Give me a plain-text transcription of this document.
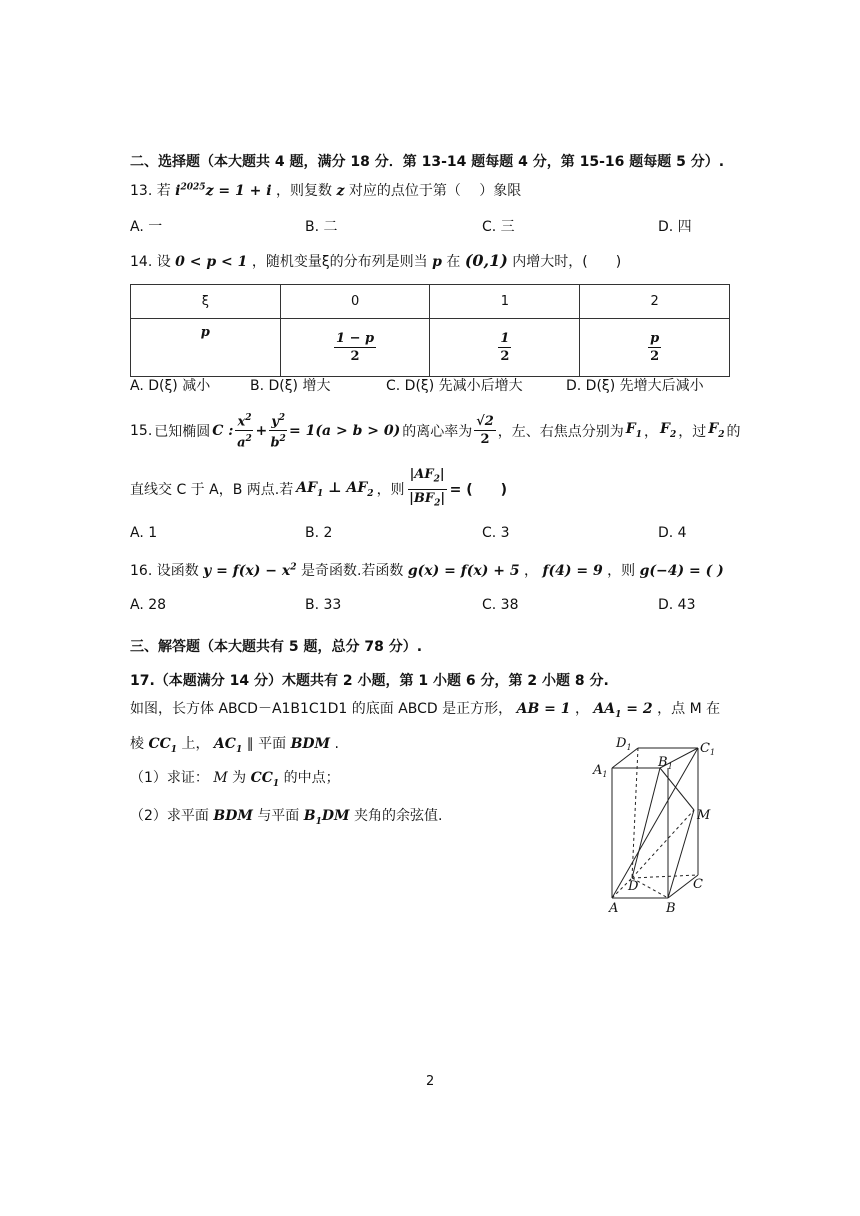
二、选择题（本大题共 4 题，满分 18 分．第 13-14 题每题 4 分，第 15-16 题每题 5 分）.
13. 若 $i^{2025}z = 1 + i$ ，则复数 z 对应的点位于第（　 ）象限
A. 一	B. 二	C. 三	D. 四
14. 设 0 < p < 1 ，随机变量ξ的分布列是则当 p 在 (0,1) 内增大时，(　　)
ξ	0	1	2
p	$\frac{1 - p}{2}$	$\frac{1}{2}$	$\frac{p}{2}$
A. D(ξ) 减小	B. D(ξ) 增大	C. D(ξ) 先减小后增大	D. D(ξ) 先增大后减小
15. 已知椭圆 C : $\frac{x^2}{a^2} + \frac{y^2}{b^2} = 1(a > b > 0)$ 的离心率为 $\frac{√2}{2}$ ，左、右焦点分别为 $F_1$ ， $F_2$ ，过 $F_2$ 的
直线交 C 于 A，B 两点.若 $AF_1$ ⊥ $AF_2$ ，则 $\frac{|AF_2|}{|BF_2|}$ = (　　)
A. 1	B. 2	C. 3	D. 4
16. 设函数 $y = f(x) - x^2$ 是奇函数.若函数 g(x) = f(x) + 5 ， f(4) = 9 ，则 g(−4) = ( )
A. 28	B. 33	C. 38	D. 43
三、解答题（本大题共有 5 题，总分 78 分）.
17.（本题满分 14 分）木题共有 2 小题，第 1 小题 6 分，第 2 小题 8 分.
如图，长方体 ABCD－A1B1C1D1 的底面 ABCD 是正方形， AB = 1 ， $AA_1 = 2$ ，点 M 在
棱 $CC_1$ 上， $AC_1$ ∥ 平面 BDM .
（1）求证： M 为 $CC_1$ 的中点；
（2）求平面 BDM 与平面 $B_1DM$ 夹角的余弦值.
$D_1$	$C_1$
$A_1$
$B_1$
M
D	C
A	B
2
